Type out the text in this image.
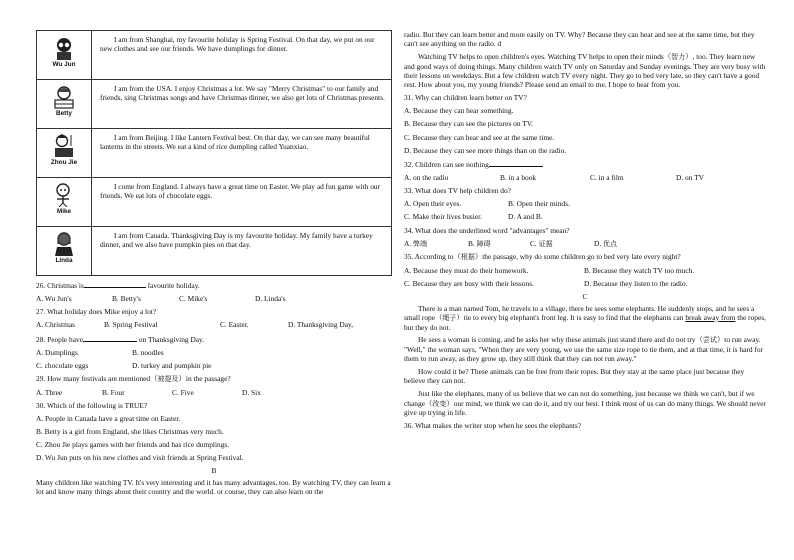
Wu Jun	I am from Shanghai, my favourite holiday is Spring Festival. On that day, we put on our new clothes and see our friends. We have dumplings for dinner.

Betty	I am from the USA. I enjoy Christmas a lot. We say "Merry Christmas" to our family and friends, sing Christmas songs and have Christmas dinner, we also get lots of Christmas presents.

Zhou Jie	I am from Beijing. I like Lantern Festival best. On that day, we can see many beautiful lanterns in the streets. We eat a kind of rice dumpling called Yuanxiao.

Mike	I come from England. I always have a great time on Easter. We play ad fun game with our friends. We eat lots of chocolate eggs.

Linda	I am from Canada. Thanksgiving Day is my favourite holiday. My family have a turkey dinner, and we also have pumpkin pies on that day.
26. Christmas is	favourite holiday.
A. Wu Jun's	B. Betty's	C. Mike's	D. Linda's
27. What holiday does Mike enjoy a lot?
A. Christmas	B. Spring Festival	C. Easter.	D. Thanksgiving Day,
28. People have	on Thanksgiving Day.
A. Dumplings	B. noodles
C. chocolate eggs	D. turkey and pumpkin pie
29. How many festivals are mentioned（被提及）in the passage?
A. Three	B. Four	C. Five	D. Six
30. Which of the following is TRUE?
A. People in Canada have a great time on Easter.
B. Betty is a girl from England, she likes Christmas very much.
C. Zhou Jie plays games with her friends and has rice dumplings.
D. Wu Jun puts on his new clothes and visit friends at Spring Festival.
B
Many children like watching TV. It's very interesting and it has many advantages, too. By watching TV, they can learn a lot and know many things about their country and the world. or course, they can also learn on the
radio. But they can learn better and more easily on TV. Why? Because they can hear and see at the same time, but they can't see anything on the radio. d
Watching TV helps to open children's eyes. Watching TV helps to open their minds（智力）, too. They learn new and good ways of doing things. Many children watch TV only on Saturday and Sunday evenings. They are very busy with their lessons on weekdays. But a few children watch TV every night. They go to bed very late, so they can't have a good rest. How about you, my young friends? Please send an email to me. I hope to hear from you.
31. Why can children learn better on TV?
A. Because they can hear something.
B. Because they can see the pictures on TV.
C. Because they can hear and see at the same time.
D. Because they can see more things than on the radio.
32. Children can see nothing
A. on the radio	B. in a book	C. in a film	D. on TV
33. What does TV help children do?
A. Open their eyes.	B. Open their minds.
C. Make their lives busier.	D. A and B.
34. What does the underlined word "advantages" mean?
A. 弊端	B. 障碍	C. 证据	D. 优点
35. According to（根据）the passage, why do some children go to bed very late every night?
A. Because they must do their homework.	B. Because they watch TV too much.
C. Because they are busy with their lessons.	D. Because they listen to the radio.
C
There is a man named Tom, he travels to a village, there he sees some elephants. He suddenly stops, and he sees a small rope（绳子）tie to every big elephant's front leg. It is easy to find that the elephants can break away from the ropes, but they do not.
He sees a woman is coming, and he asks her why these animals just stand there and do not try（尝试）to run away. "Well," the woman says, "When they are very young, we use the same size rope to tie them, and at that time, it is hard for them to run away, as they grow up, they still think that they can not run away."
How could it be? These animals can be free from their ropes. But they stay at the same place just because they believe they can not.
Just like the elephants, many of us believe that we can not do something, just because we think we can't, but if we change（改变）our mind, we think we can do it, and try our best. I think most of us can do many things. We should never give up trying in life.
36. What makes the writer stop when he sees the elephants?
